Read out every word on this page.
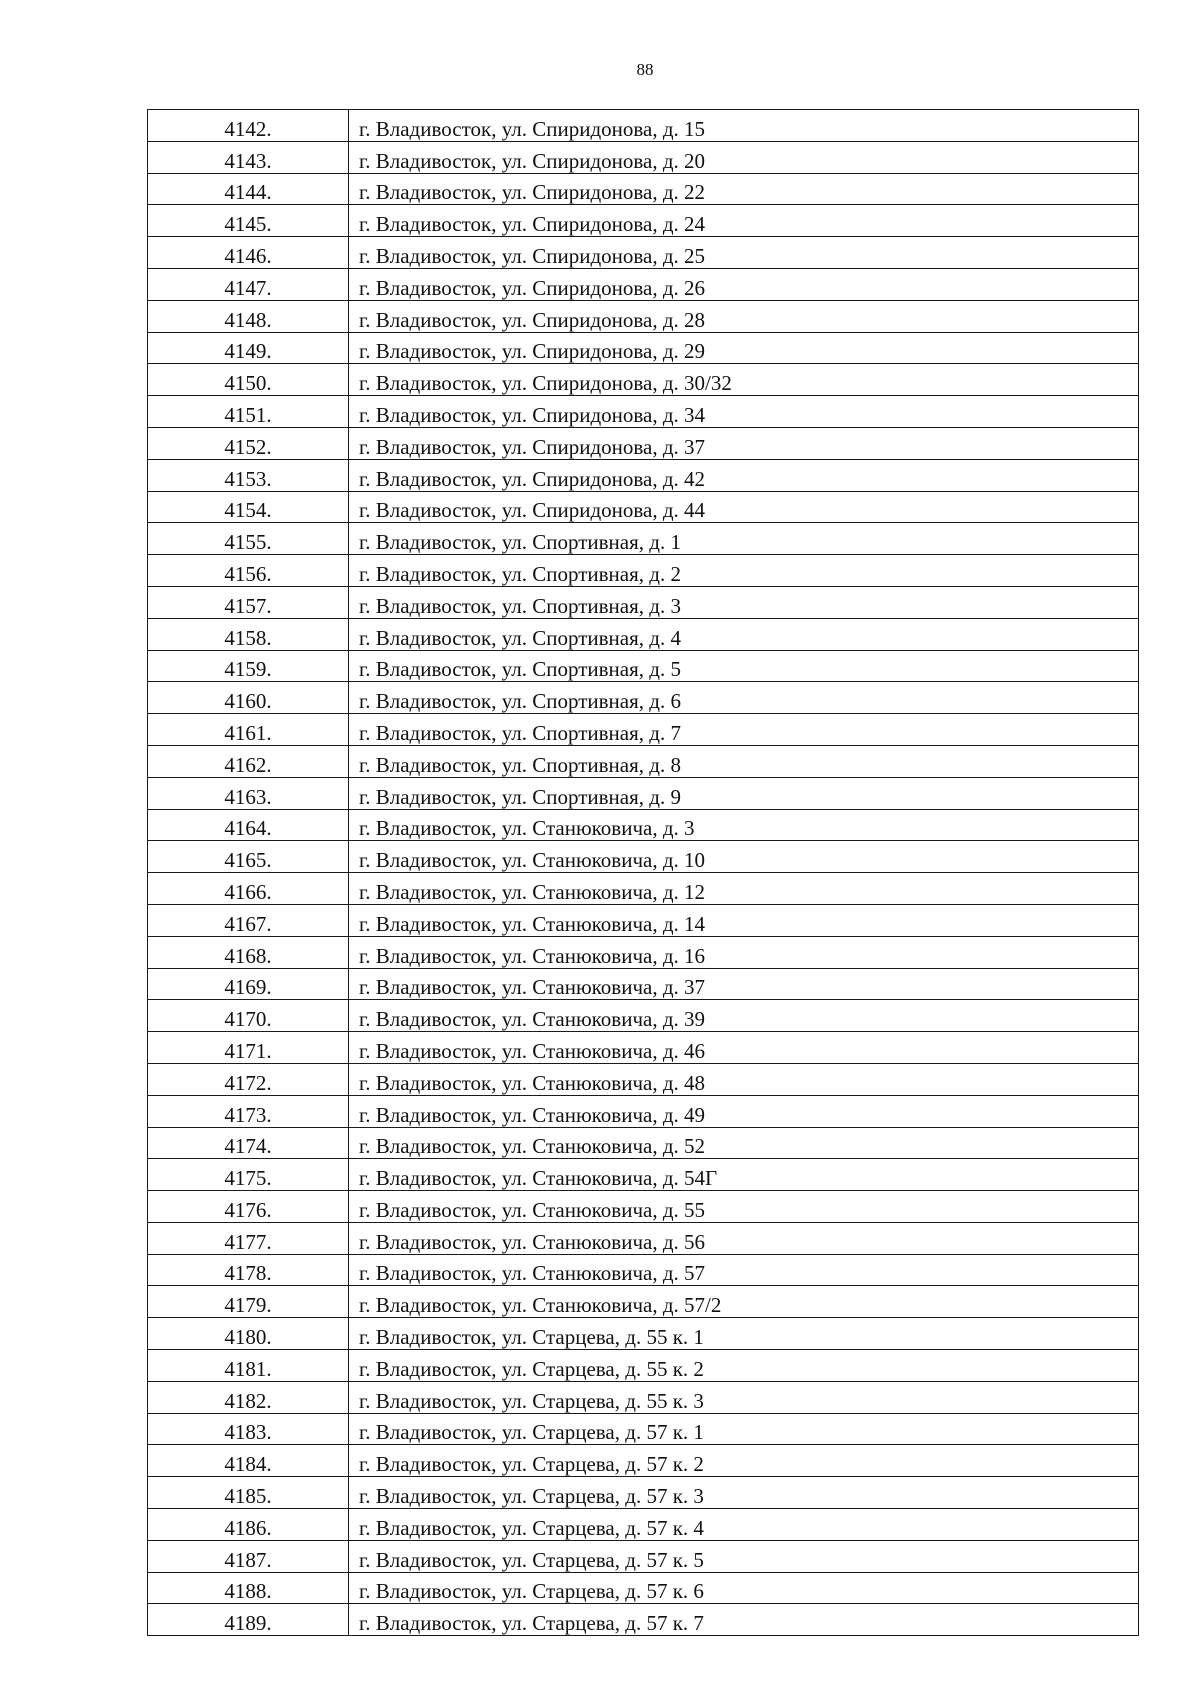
88
4142.	г. Владивосток, ул. Спиридонова, д. 15
4143.	г. Владивосток, ул. Спиридонова, д. 20
4144.	г. Владивосток, ул. Спиридонова, д. 22
4145.	г. Владивосток, ул. Спиридонова, д. 24
4146.	г. Владивосток, ул. Спиридонова, д. 25
4147.	г. Владивосток, ул. Спиридонова, д. 26
4148.	г. Владивосток, ул. Спиридонова, д. 28
4149.	г. Владивосток, ул. Спиридонова, д. 29
4150.	г. Владивосток, ул. Спиридонова, д. 30/32
4151.	г. Владивосток, ул. Спиридонова, д. 34
4152.	г. Владивосток, ул. Спиридонова, д. 37
4153.	г. Владивосток, ул. Спиридонова, д. 42
4154.	г. Владивосток, ул. Спиридонова, д. 44
4155.	г. Владивосток, ул. Спортивная, д. 1
4156.	г. Владивосток, ул. Спортивная, д. 2
4157.	г. Владивосток, ул. Спортивная, д. 3
4158.	г. Владивосток, ул. Спортивная, д. 4
4159.	г. Владивосток, ул. Спортивная, д. 5
4160.	г. Владивосток, ул. Спортивная, д. 6
4161.	г. Владивосток, ул. Спортивная, д. 7
4162.	г. Владивосток, ул. Спортивная, д. 8
4163.	г. Владивосток, ул. Спортивная, д. 9
4164.	г. Владивосток, ул. Станюковича, д. 3
4165.	г. Владивосток, ул. Станюковича, д. 10
4166.	г. Владивосток, ул. Станюковича, д. 12
4167.	г. Владивосток, ул. Станюковича, д. 14
4168.	г. Владивосток, ул. Станюковича, д. 16
4169.	г. Владивосток, ул. Станюковича, д. 37
4170.	г. Владивосток, ул. Станюковича, д. 39
4171.	г. Владивосток, ул. Станюковича, д. 46
4172.	г. Владивосток, ул. Станюковича, д. 48
4173.	г. Владивосток, ул. Станюковича, д. 49
4174.	г. Владивосток, ул. Станюковича, д. 52
4175.	г. Владивосток, ул. Станюковича, д. 54Г
4176.	г. Владивосток, ул. Станюковича, д. 55
4177.	г. Владивосток, ул. Станюковича, д. 56
4178.	г. Владивосток, ул. Станюковича, д. 57
4179.	г. Владивосток, ул. Станюковича, д. 57/2
4180.	г. Владивосток, ул. Старцева, д. 55 к. 1
4181.	г. Владивосток, ул. Старцева, д. 55 к. 2
4182.	г. Владивосток, ул. Старцева, д. 55 к. 3
4183.	г. Владивосток, ул. Старцева, д. 57 к. 1
4184.	г. Владивосток, ул. Старцева, д. 57 к. 2
4185.	г. Владивосток, ул. Старцева, д. 57 к. 3
4186.	г. Владивосток, ул. Старцева, д. 57 к. 4
4187.	г. Владивосток, ул. Старцева, д. 57 к. 5
4188.	г. Владивосток, ул. Старцева, д. 57 к. 6
4189.	г. Владивосток, ул. Старцева, д. 57 к. 7
